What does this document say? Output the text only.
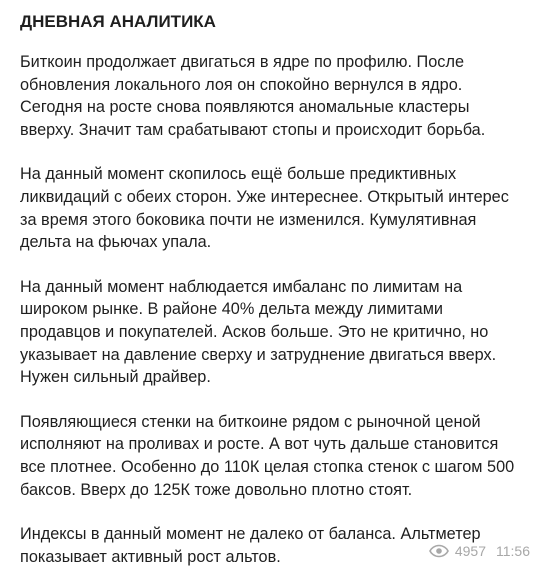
ДНЕВНАЯ АНАЛИТИКА
Биткоин продолжает двигаться в ядре по профилю. После
обновления локального лоя он спокойно вернулся в ядро.
Сегодня на росте снова появляются аномальные кластеры
вверху. Значит там срабатывают стопы и происходит борьба.
На данный момент скопилось ещё больше предиктивных
ликвидаций с обеих сторон. Уже интереснее. Открытый интерес
за время этого боковика почти не изменился. Кумулятивная
дельта на фьючах упала.
На данный момент наблюдается имбаланс по лимитам на
широком рынке. В районе 40% дельта между лимитами
продавцов и покупателей. Асков больше. Это не критично, но
указывает на давление сверху и затруднение двигаться вверх.
Нужен сильный драйвер.
Появляющиеся стенки на биткоине рядом с рыночной ценой
исполняют на проливах и росте. А вот чуть дальше становится
все плотнее. Особенно до 110К целая стопка стенок с шагом 500
баксов. Вверх до 125К тоже довольно плотно стоят.
Индексы в данный момент не далеко от баланса. Альтметер
показывает активный рост альтов.	4957 11:56
